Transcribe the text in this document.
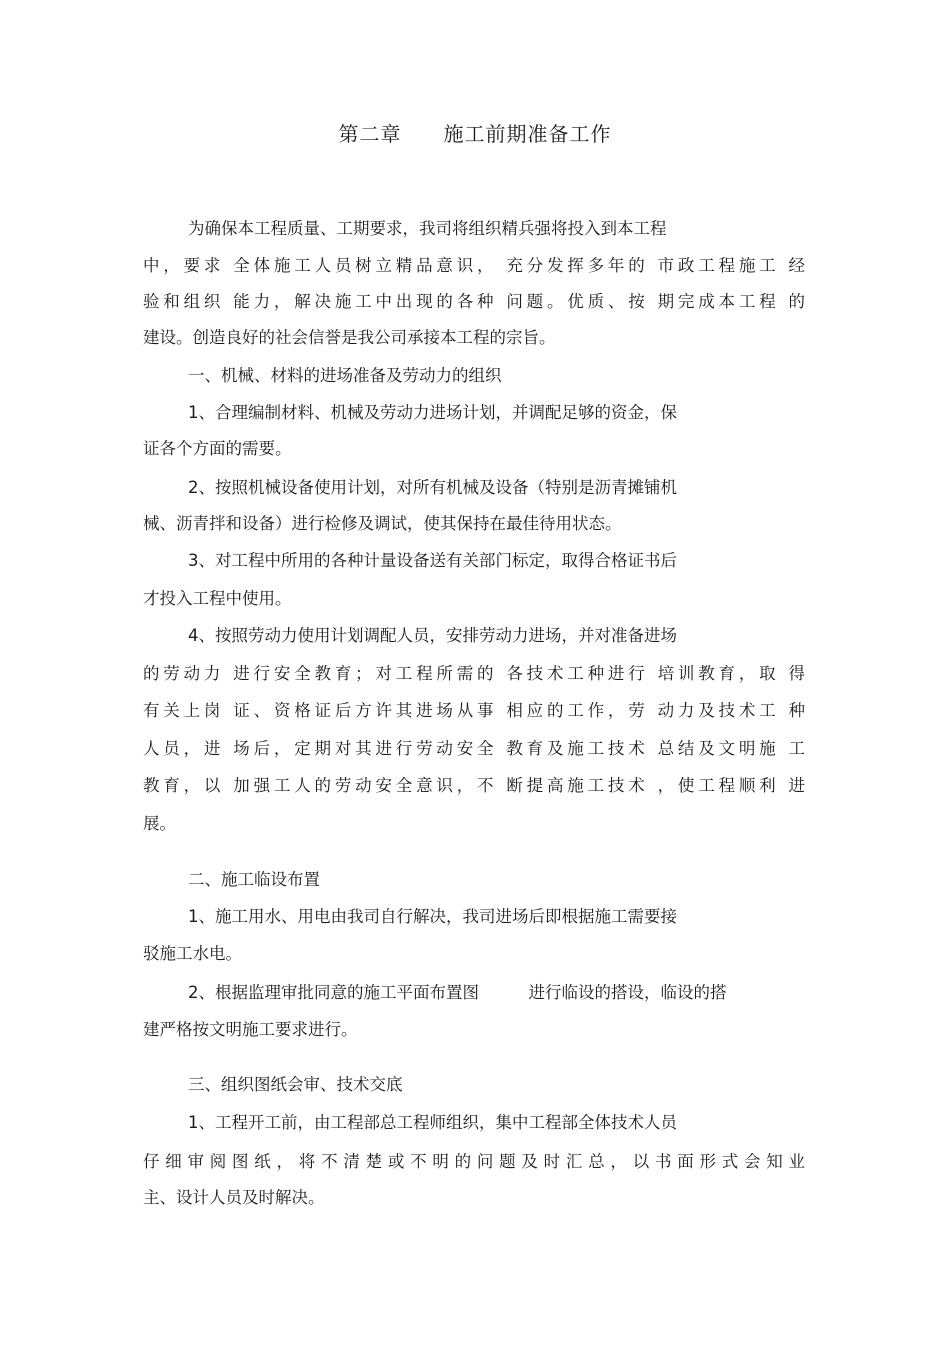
第二章　　施工前期准备工作
为确保本工程质量、工期要求，我司将组织精兵强将投入到本工程
中，要求 全体施工人员树立精品意识， 充分发挥多年的 市政工程施工 经
验和组织 能力，解决施工中出现的各种 问题。优质、按 期完成本工程 的
建设。创造良好的社会信誉是我公司承接本工程的宗旨。
一、机械、材料的进场准备及劳动力的组织
1、合理编制材料、机械及劳动力进场计划，并调配足够的资金，保
证各个方面的需要。
2、按照机械设备使用计划，对所有机械及设备（特别是沥青摊铺机
械、沥青拌和设备）进行检修及调试，使其保持在最佳待用状态。
3、对工程中所用的各种计量设备送有关部门标定，取得合格证书后
才投入工程中使用。
4、按照劳动力使用计划调配人员，安排劳动力进场，并对准备进场
的劳动力 进行安全教育；对工程所需的 各技术工种进行 培训教育，取 得
有关上岗 证、资格证后方许其进场从事 相应的工作，劳 动力及技术工 种
人员，进 场后，定期对其进行劳动安全 教育及施工技术 总结及文明施 工
教育，以 加强工人的劳动安全意识，不 断提高施工技术 ，使工程顺利 进
展。
二、施工临设布置
1、施工用水、用电由我司自行解决，我司进场后即根据施工需要接
驳施工水电。
2、根据监理审批同意的施工平面布置图　　　进行临设的搭设，临设的搭
建严格按文明施工要求进行。
三、组织图纸会审、技术交底
1、工程开工前，由工程部总工程师组织，集中工程部全体技术人员
仔细审阅图纸，将不清楚或不明的问题及时汇总，以书面形式会知业
主、设计人员及时解决。
